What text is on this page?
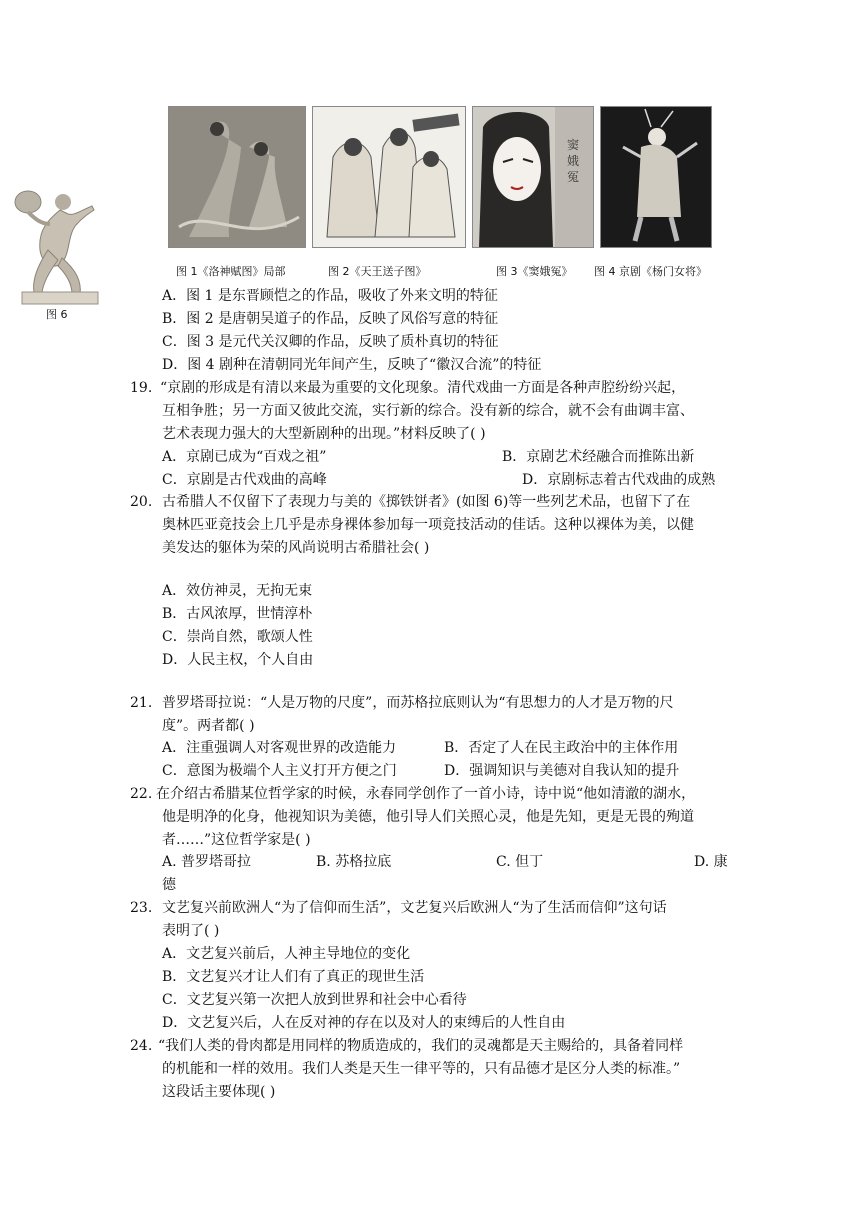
图 6
窦娥冤
图 1《洛神赋图》局部	图 2《天王送子图》	图 3《窦娥冤》 图 4 京剧《杨门女将》
A．图 1 是东晋顾恺之的作品，吸收了外来文明的特征
B．图 2 是唐朝吴道子的作品，反映了风俗写意的特征
C．图 3 是元代关汉卿的作品，反映了质朴真切的特征
D．图 4 剧种在清朝同光年间产生，反映了“徽汉合流”的特征
19. “京剧的形成是有清以来最为重要的文化现象。清代戏曲一方面是各种声腔纷纷兴起，
互相争胜；另一方面又彼此交流，实行新的综合。没有新的综合，就不会有曲调丰富、
艺术表现力强大的大型新剧种的出现。”材料反映了( )
A．京剧已成为“百戏之祖”	B．京剧艺术经融合而推陈出新
C．京剧是古代戏曲的高峰	D．京剧标志着古代戏曲的成熟
20. 古希腊人不仅留下了表现力与美的《掷铁饼者》(如图 6)等一些列艺术品，也留下了在
奥林匹亚竞技会上几乎是赤身裸体参加每一项竞技活动的佳话。这种以裸体为美，以健
美发达的躯体为荣的风尚说明古希腊社会( )
A．效仿神灵，无拘无束
B．古风浓厚，世情淳朴
C．崇尚自然，歌颂人性
D．人民主权，个人自由
21. 普罗塔哥拉说：“人是万物的尺度”，而苏格拉底则认为“有思想力的人才是万物的尺
度”。两者都( )
A．注重强调人对客观世界的改造能力	B．否定了人在民主政治中的主体作用
C．意图为极端个人主义打开方便之门	D．强调知识与美德对自我认知的提升
22. 在介绍古希腊某位哲学家的时候，永春同学创作了一首小诗，诗中说“他如清澈的湖水，
他是明净的化身，他视知识为美德，他引导人们关照心灵，他是先知，更是无畏的殉道
者……”这位哲学家是( )
A. 普罗塔哥拉	B. 苏格拉底	C. 但丁	D. 康
德
23. 文艺复兴前欧洲人“为了信仰而生活”，文艺复兴后欧洲人“为了生活而信仰”这句话
表明了( )
A．文艺复兴前后，人神主导地位的变化
B．文艺复兴才让人们有了真正的现世生活
C．文艺复兴第一次把人放到世界和社会中心看待
D．文艺复兴后，人在反对神的存在以及对人的束缚后的人性自由
24. “我们人类的骨肉都是用同样的物质造成的，我们的灵魂都是天主赐给的，具备着同样
的机能和一样的效用。我们人类是天生一律平等的，只有品德才是区分人类的标准。”
这段话主要体现( )
